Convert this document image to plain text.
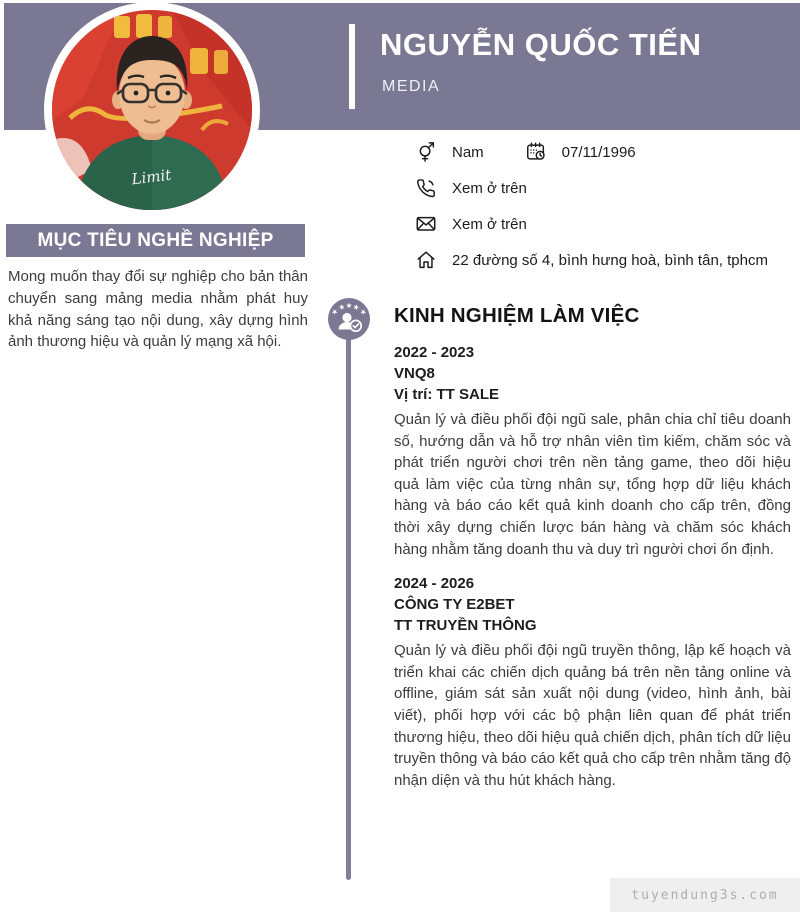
Limit
NGUYỄN QUỐC TIẾN
MEDIA
Nam	07/11/1996
Xem ở trên
Xem ở trên
22 đường số 4, bình hưng hoà, bình tân, tphcm
MỤC TIÊU NGHỀ NGHIỆP

Mong muốn thay đổi sự nghiệp cho bản thân chuyển sang mảng media nhằm phát huy khả năng sáng tạo nội dung, xây dựng hình ảnh thương hiệu và quản lý mạng xã hội.

★
★ ★ ★
★ KINH NGHIỆM LÀM VIỆC
2022 - 2023
VNQ8
Vị trí: TT SALE

Quản lý và điều phối đội ngũ sale, phân chia chỉ tiêu doanh số, hướng dẫn và hỗ trợ nhân viên tìm kiếm, chăm sóc và phát triển người chơi trên nền tảng game, theo dõi hiệu quả làm việc của từng nhân sự, tổng hợp dữ liệu khách hàng và báo cáo kết quả kinh doanh cho cấp trên, đồng thời xây dựng chiến lược bán hàng và chăm sóc khách hàng nhằm tăng doanh thu và duy trì người chơi ổn định.

2024 - 2026
CÔNG TY E2BET
TT TRUYỀN THÔNG

Quản lý và điều phối đội ngũ truyền thông, lập kế hoạch và triển khai các chiến dịch quảng bá trên nền tảng online và offline, giám sát sản xuất nội dung (video, hình ảnh, bài viết), phối hợp với các bộ phận liên quan để phát triển thương hiệu, theo dõi hiệu quả chiến dịch, phân tích dữ liệu truyền thông và báo cáo kết quả cho cấp trên nhằm tăng độ nhận diện và thu hút khách hàng.

tuyendung3s.com
